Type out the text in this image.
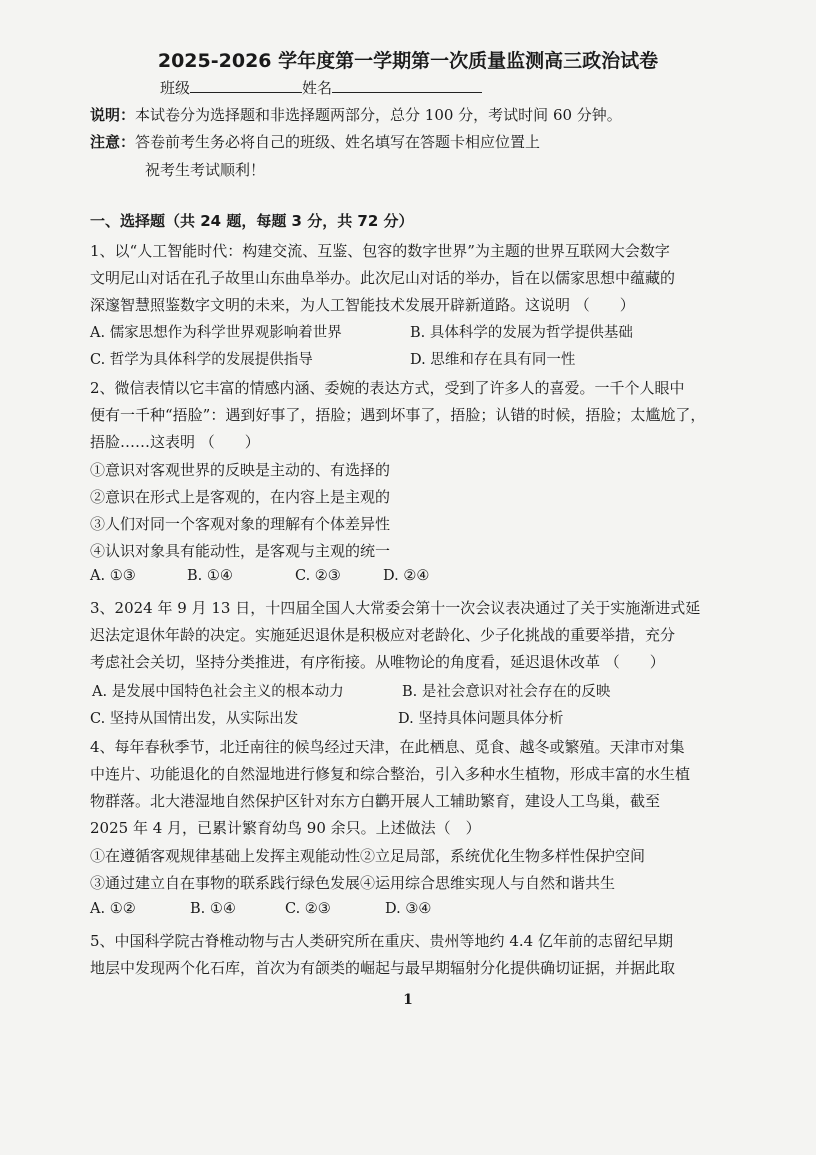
2025-2026 学年度第一学期第一次质量监测高三政治试卷
班级	姓名
说明：本试卷分为选择题和非选择题两部分，总分 100 分，考试时间 60 分钟。
注意：答卷前考生务必将自己的班级、姓名填写在答题卡相应位置上
祝考生考试顺利！
一、选择题（共 24 题，每题 3 分，共 72 分）
1、以“人工智能时代：构建交流、互鉴、包容的数字世界”为主题的世界互联网大会数字
文明尼山对话在孔子故里山东曲阜举办。此次尼山对话的举办，旨在以儒家思想中蕴藏的
深邃智慧照鉴数字文明的未来，为人工智能技术发展开辟新道路。这说明 （　　）
A. 儒家思想作为科学世界观影响着世界	B. 具体科学的发展为哲学提供基础
C. 哲学为具体科学的发展提供指导	D. 思维和存在具有同一性
2、微信表情以它丰富的情感内涵、委婉的表达方式，受到了许多人的喜爱。一千个人眼中
便有一千种“捂脸”：遇到好事了，捂脸；遇到坏事了，捂脸；认错的时候，捂脸；太尴尬了，
捂脸……这表明 （　　）
①意识对客观世界的反映是主动的、有选择的
②意识在形式上是客观的，在内容上是主观的
③人们对同一个客观对象的理解有个体差异性
④认识对象具有能动性，是客观与主观的统一
A. ①③	B. ①④	C. ②③	D. ②④
3、2024 年 9 月 13 日，十四届全国人大常委会第十一次会议表决通过了关于实施渐进式延
迟法定退休年龄的决定。实施延迟退休是积极应对老龄化、少子化挑战的重要举措，充分
考虑社会关切，坚持分类推进，有序衔接。从唯物论的角度看，延迟退休改革 （　　）
A. 是发展中国特色社会主义的根本动力	B. 是社会意识对社会存在的反映
C. 坚持从国情出发，从实际出发	D. 坚持具体问题具体分析
4、每年春秋季节，北迁南往的候鸟经过天津，在此栖息、觅食、越冬或繁殖。天津市对集
中连片、功能退化的自然湿地进行修复和综合整治，引入多种水生植物，形成丰富的水生植
物群落。北大港湿地自然保护区针对东方白鹳开展人工辅助繁育，建设人工鸟巢，截至
2025 年 4 月，已累计繁育幼鸟 90 余只。上述做法（　）
①在遵循客观规律基础上发挥主观能动性②立足局部，系统优化生物多样性保护空间
③通过建立自在事物的联系践行绿色发展④运用综合思维实现人与自然和谐共生
A. ①②	B. ①④	C. ②③	D. ③④
5、中国科学院古脊椎动物与古人类研究所在重庆、贵州等地约 4.4 亿年前的志留纪早期
地层中发现两个化石库，首次为有颌类的崛起与最早期辐射分化提供确切证据，并据此取
1
